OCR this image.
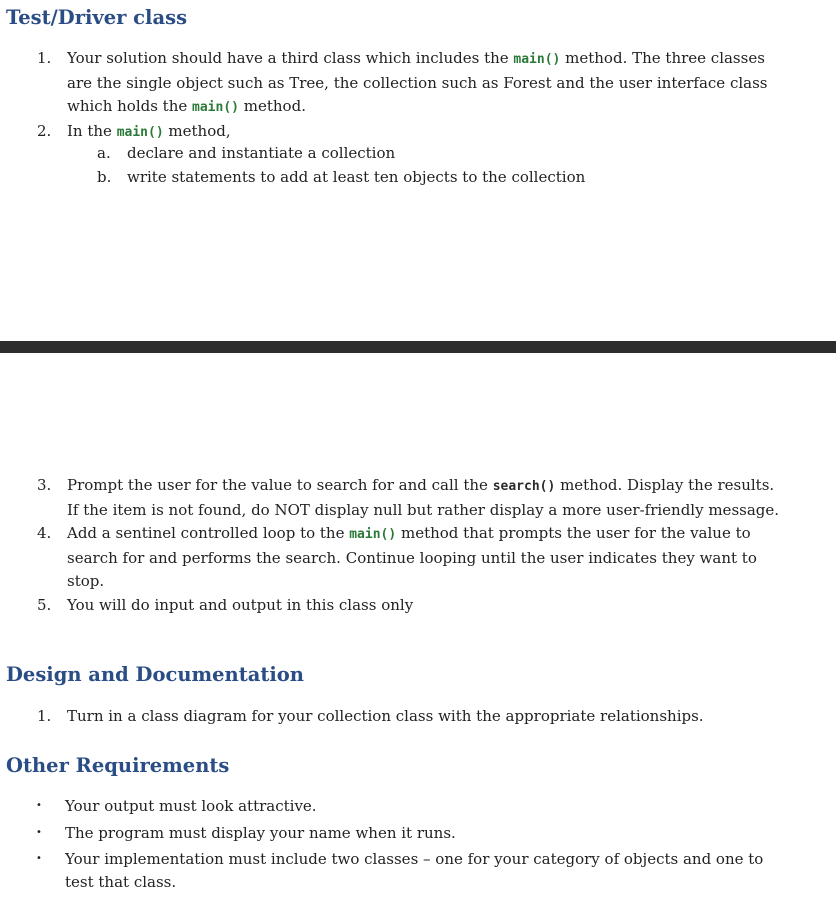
Test/Driver class
1. Your solution should have a third class which includes the main() method. The three classes are the single object such as Tree, the collection such as Forest and the user interface class which holds the main() method.
2. In the main() method,
a. declare and instantiate a collection
b. write statements to add at least ten objects to the collection
3. Prompt the user for the value to search for and call the search() method. Display the results. If the item is not found, do NOT display null but rather display a more user-friendly message.
4. Add a sentinel controlled loop to the main() method that prompts the user for the value to search for and performs the search. Continue looping until the user indicates they want to stop.
5. You will do input and output in this class only
Design and Documentation
1. Turn in a class diagram for your collection class with the appropriate relationships.
Other Requirements
• Your output must look attractive.
• The program must display your name when it runs.
• Your implementation must include two classes – one for your category of objects and one to test that class.
